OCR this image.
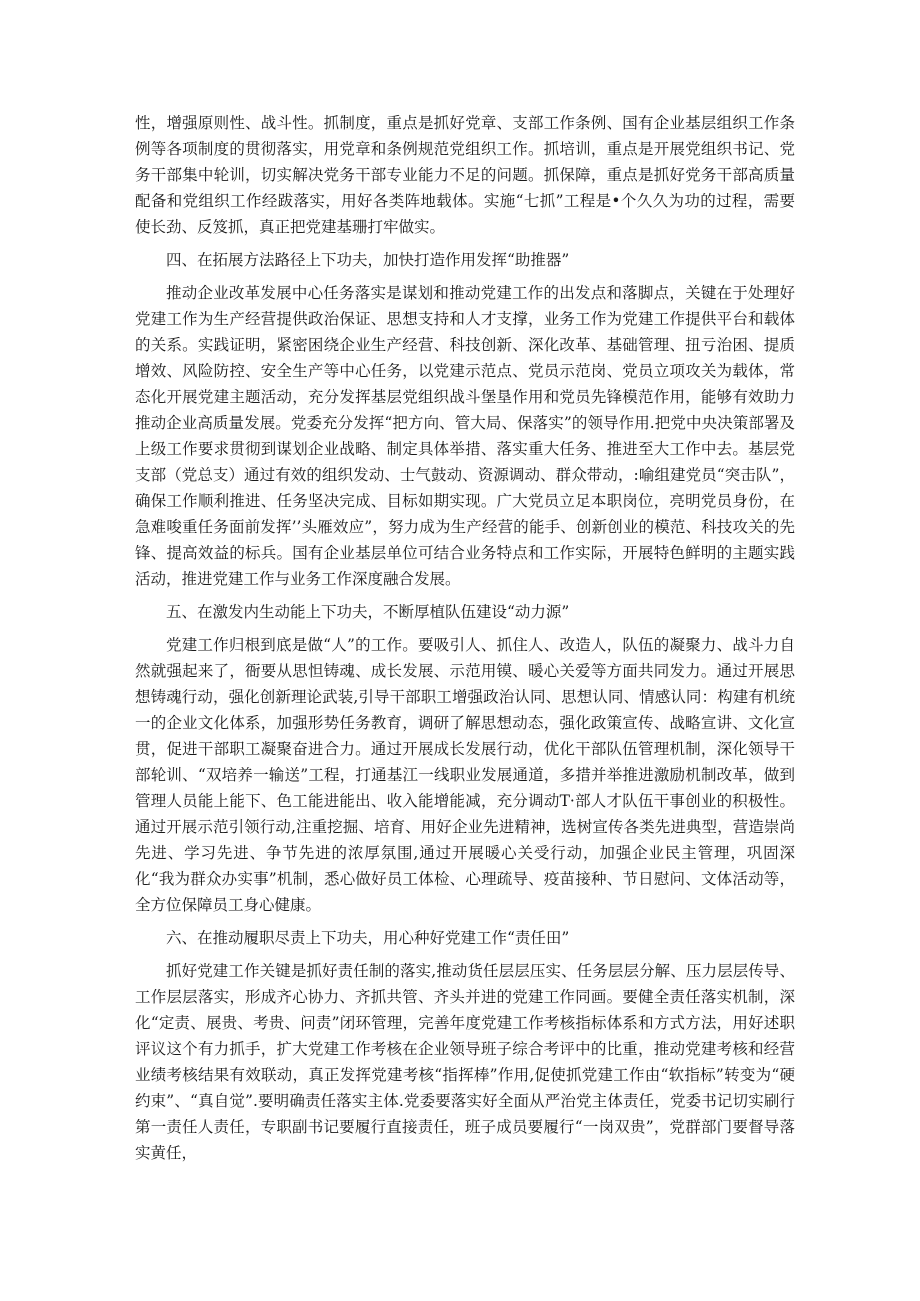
性，增强原则性、战斗性。抓制度，重点是抓好党章、支部工作条例、国有企业基层组织工作条例等各项制度的贯彻落实，用党章和条例规范党组织工作。抓培训，重点是开展党组织书记、党务干部集中轮训，切实解决党务干部专业能力不足的问题。抓保障，重点是抓好党务干部高质量配备和党组织工作经跋落实，用好各类阵地载体。实施“七抓”工程是•个久久为功的过程，需要使长劲、反笈抓，真正把党建基珊打牢做实。

四、在拓展方法路径上下功夫，加快打造作用发挥“助推器”

推动企业改革发展中心任务落实是谋划和推动党建工作的出发点和落脚点，关键在于处理好党建工作为生产经营提供政治保证、思想支持和人才支撑，业务工作为党建工作提供平台和载体的关系。实践证明，紧密困绕企业生产经营、科技创新、深化改革、基础管理、扭亏治困、提质增效、风险防控、安全生产等中心任务，以党建示范点、党员示范岗、党员立项攻关为载体，常态化开展党建主题活动，充分发挥基层党组织战斗堡垦作用和党员先锋模范作用，能够有效助力推动企业高质量发展。党委充分发挥“把方向、管大局、保落实”的领导作用.把党中央决策部署及上级工作要求贯彻到谋划企业战略、制定具体举措、落实重大任务、推进至大工作中去。基层党支部（党总支）通过有效的组织发动、士气鼓动、资源调动、群众带动，:喻组建党员“突击队”，确保工作顺利推进、任务坚决完成、目标如期实现。广大党员立足本职岗位，亮明党员身份，在急难唆重任务面前发挥’’头雁效应”，努力成为生产经营的能手、创新创业的模范、科技攻关的先锋、提高效益的标兵。国有企业基层单位可结合业务特点和工作实际，开展特色鲜明的主题实践活动，推进党建工作与业务工作深度融合发展。

五、在激发内生动能上下功夫，不断厚植队伍建设“动力源”

党建工作归根到底是做“人”的工作。要吸引人、抓住人、改造人，队伍的凝聚力、战斗力自然就强起来了，衙要从思怛铸魂、成长发展、示范用镆、暖心关爱等方面共同发力。通过开展思想铸魂行动，强化创新理论武装,引导干部职工增强政治认同、思想认同、情感认同：构建有机统一的企业文化体系，加强形势任务教育，调研了解思想动态，强化政策宣传、战略宣讲、文化宣贯，促进干部职工凝聚奋进合力。通过开展成长发展行动，优化干部队伍管理机制，深化领导干部轮训、“双培养一输送”工程，打通基江一线职业发展通道，多措并举推进激励机制改革，做到管理人员能上能下、色工能进能出、收入能增能减，充分调动T·部人才队伍干事创业的积极性。通过开展示范引领行动,注重挖掘、培育、用好企业先进精神，选树宣传各类先进典型，营造崇尚先进、学习先进、争节先进的浓厚氛围,通过开展暖心关受行动，加强企业民主管理，巩固深化“我为群众办实事”机制，悉心做好员工体检、心理疏导、疫苗接种、节日慰问、文体活动等，全方位保障员工身心健康。

六、在推动履职尽责上下功夫，用心种好党建工作“责任田”

抓好党建工作关键是抓好责任制的落实,推动货任层层压实、任务层层分解、压力层层传导、工作层层落实，形成齐心协力、齐抓共管、齐头并进的党建工作同画。要健全责任落实机制，深化“定责、展贵、考贵、问责”闭环管理，完善年度党建工作考核指标体系和方式方法，用好述职评议这个有力抓手，扩大党建工作考核在企业领导班子综合考评中的比重，推动党建考核和经营业绩考核结果有效联动，真正发挥党建考核“指挥棒”作用,促使抓党建工作由“软指标”转变为“硬约束”、“真自觉”.要明确责任落实主体.党委要落实好全面从严治党主体责任，党委书记切实刷行第一责任人责任，专职副书记要履行直接责任，班子成员要履行“一岗双贵”，党群部门要督导落实黄任，
